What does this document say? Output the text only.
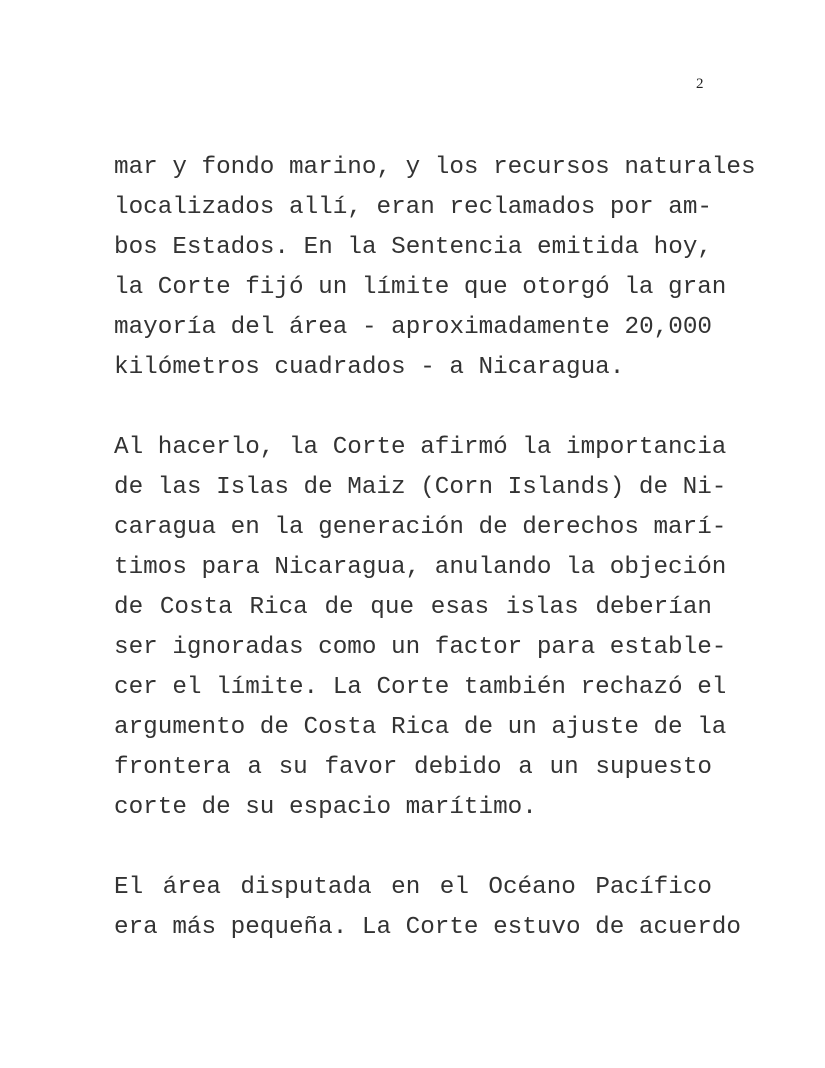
2
mar y fondo marino, y los recursos naturales
localizados allí, eran reclamados por am-
bos Estados. En la Sentencia emitida hoy,
la Corte fijó un límite que otorgó la gran
mayoría del área - aproximadamente 20,000
kilómetros cuadrados - a Nicaragua.
Al hacerlo, la Corte afirmó la importancia
de las Islas de Maiz (Corn Islands) de Ni-
caragua en la generación de derechos marí-
timos para Nicaragua, anulando la objeción
de Costa Rica de que esas islas deberían
ser ignoradas como un factor para estable-
cer el límite. La Corte también rechazó el
argumento de Costa Rica de un ajuste de la
frontera a su favor debido a un supuesto
corte de su espacio marítimo.
El área disputada en el Océano Pacífico
era más pequeña. La Corte estuvo de acuerdo
